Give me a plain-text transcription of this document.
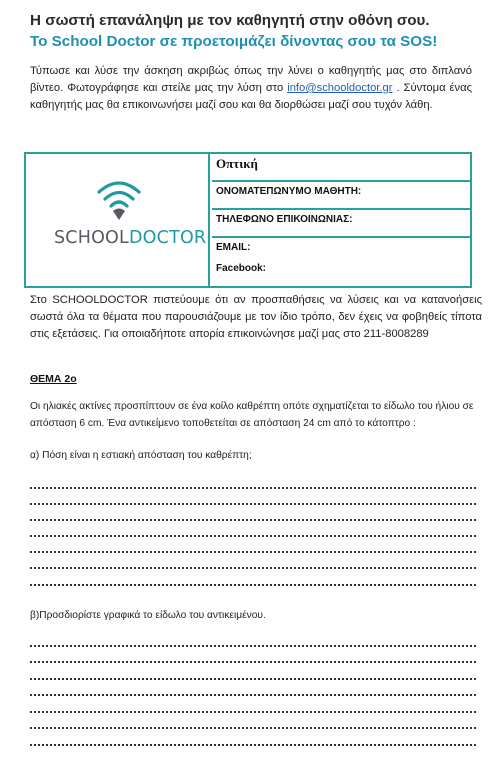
Η σωστή επανάληψη με τον καθηγητή στην οθόνη σου.
Το School Doctor σε προετοιμάζει δίνοντας σου τα SOS!
Τύπωσε και λύσε την άσκηση ακριβώς όπως την λύνει ο καθηγητής μας στο διπλανό βίντεο. Φωτογράφησε και στείλε μας την λύση στο info@schooldoctor.gr . Σύντομα ένας καθηγητής μας θα επικοινωνήσει μαζί σου και θα διορθώσει μαζί σου τυχόν λάθη.
SCHOOLDOCTOR
Οπτική
ΟΝΟΜΑΤΕΠΩΝΥΜΟ ΜΑΘΗΤΗ:
ΤΗΛΕΦΩΝΟ ΕΠΙΚΟΙΝΩΝΙΑΣ:
EMAIL:
Facebook:
Στο SCHOOLDOCTOR πιστεύουμε ότι αν προσπαθήσεις να λύσεις και να κατανοήσεις σωστά όλα τα θέματα που παρουσιάζουμε με τον ίδιο τρόπο, δεν έχεις να φοβηθείς τίποτα στις εξετάσεις. Για οποιαδήποτε απορία επικοινώνησε μαζί μας στο 211-8008289
ΘΕΜΑ 2ο
Οι ηλιακές ακτίνες προσπίπτουν σε ένα κοίλο καθρέπτη οπότε σχηματίζεται το είδωλο του ήλιου σε απόσταση 6 cm. Ένα αντικείμενο τοποθετείται σε απόσταση 24 cm από το κάτοπτρο :
α) Πόση είναι η εστιακή απόσταση του καθρέπτη;
β)Προσδιορίστε γραφικά το είδωλο του αντικειμένου.
